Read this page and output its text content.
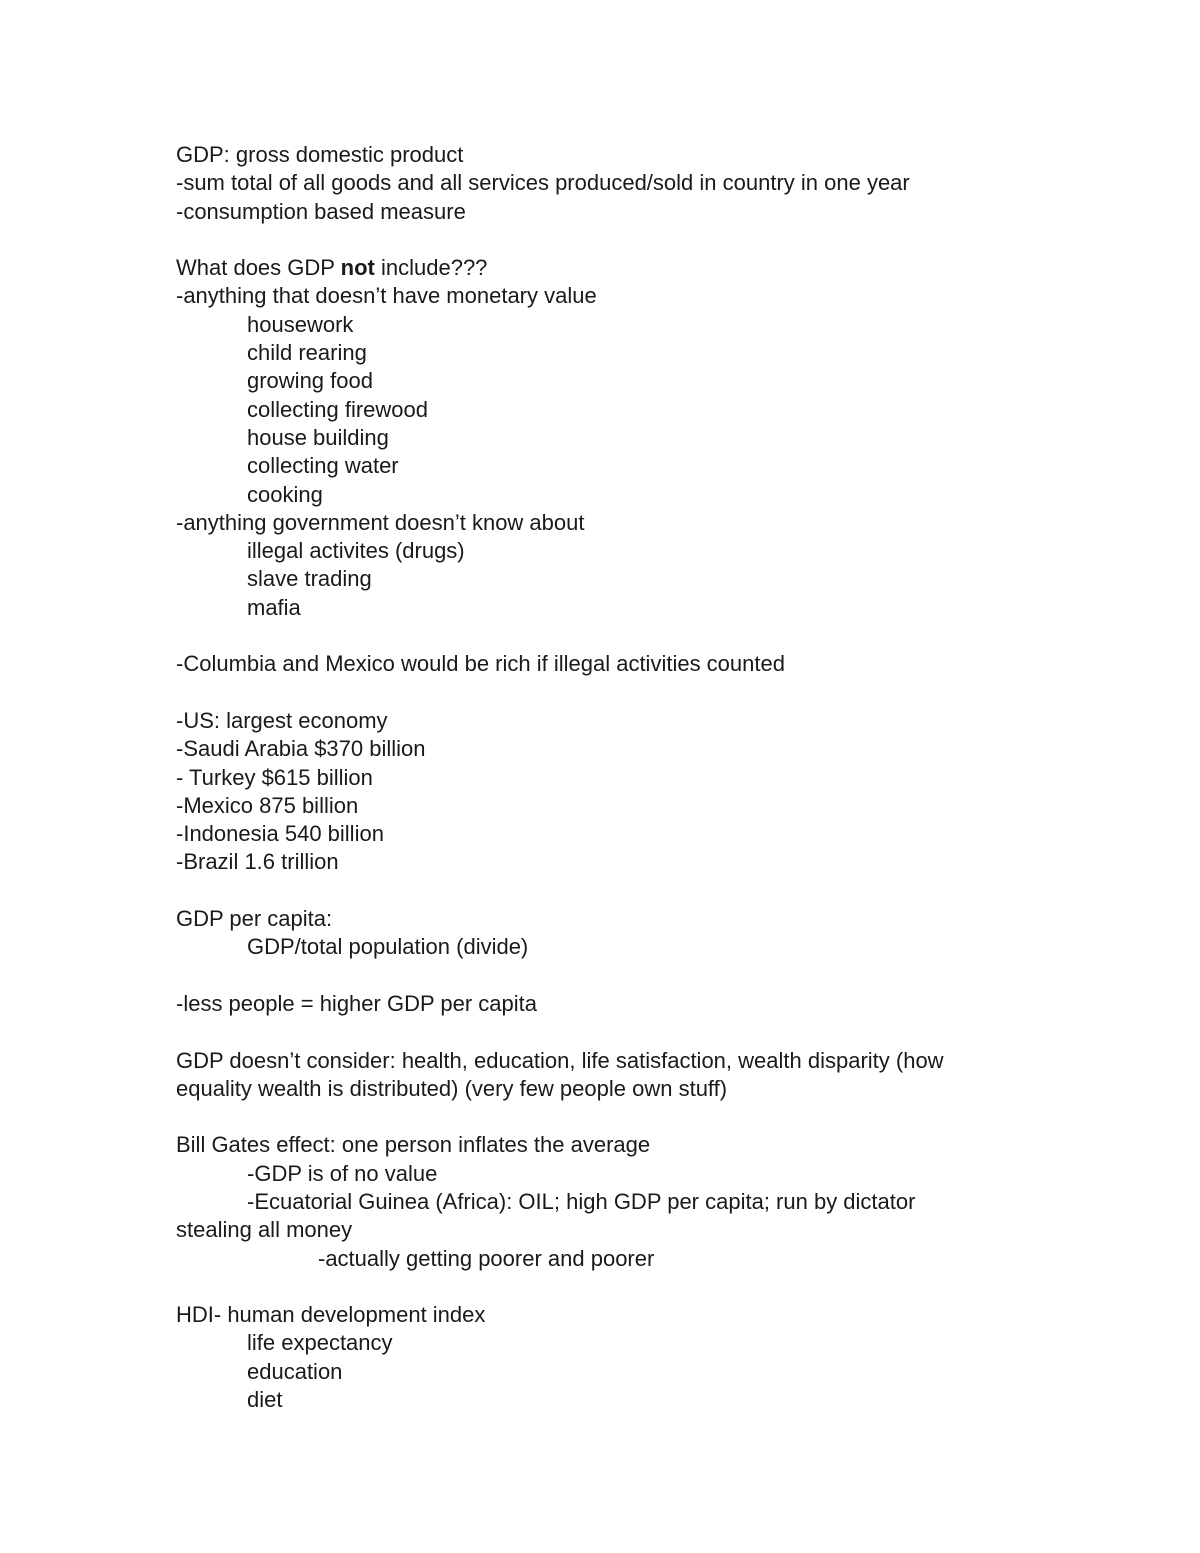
GDP: gross domestic product
-sum total of all goods and all services produced/sold in country in one year
-consumption based measure
What does GDP not include???
-anything that doesn’t have monetary value
housework
child rearing
growing food
collecting firewood
house building
collecting water
cooking
-anything government doesn’t know about
illegal activites (drugs)
slave trading
mafia
-Columbia and Mexico would be rich if illegal activities counted
-US: largest economy
-Saudi Arabia $370 billion
- Turkey $615 billion
-Mexico 875 billion
-Indonesia 540 billion
-Brazil 1.6 trillion
GDP per capita:
GDP/total population (divide)
-less people = higher GDP per capita
GDP doesn’t consider: health, education, life satisfaction, wealth disparity (how equality wealth is distributed) (very few people own stuff)
Bill Gates effect: one person inflates the average
-GDP is of no value
-Ecuatorial Guinea (Africa): OIL; high GDP per capita; run by dictator
stealing all money
-actually getting poorer and poorer
HDI- human development index
life expectancy
education
diet
